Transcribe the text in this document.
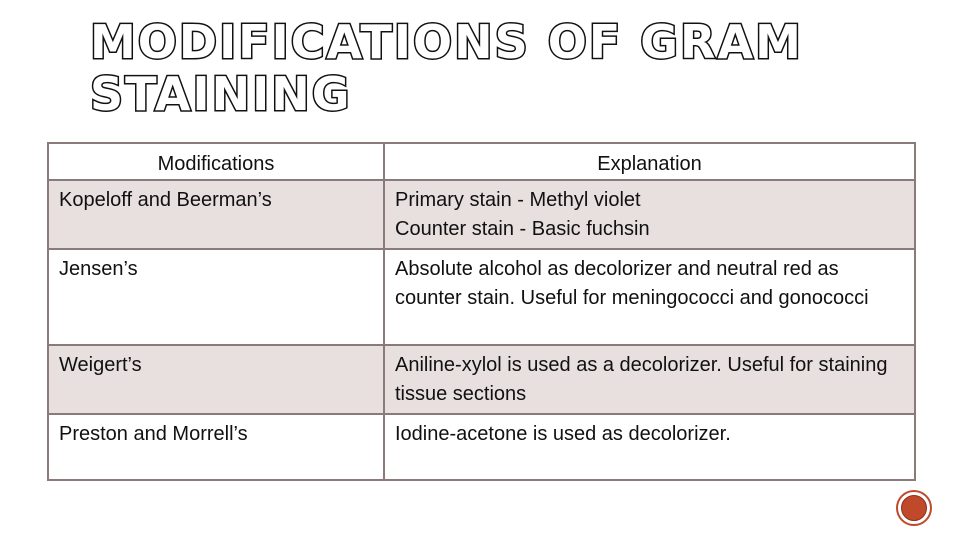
MODIFICATIONS OF GRAM STAINING
Modifications	Explanation
Kopeloff and Beerman’s	Primary stain - Methyl violet
Counter stain - Basic fuchsin

Jensen’s	Absolute alcohol as decolorizer and neutral red as counter stain. Useful for meningococci and gonococci

Weigert’s	Aniline-xylol is used as a decolorizer. Useful for staining tissue sections

Preston and Morrell’s	Iodine-acetone is used as decolorizer.
